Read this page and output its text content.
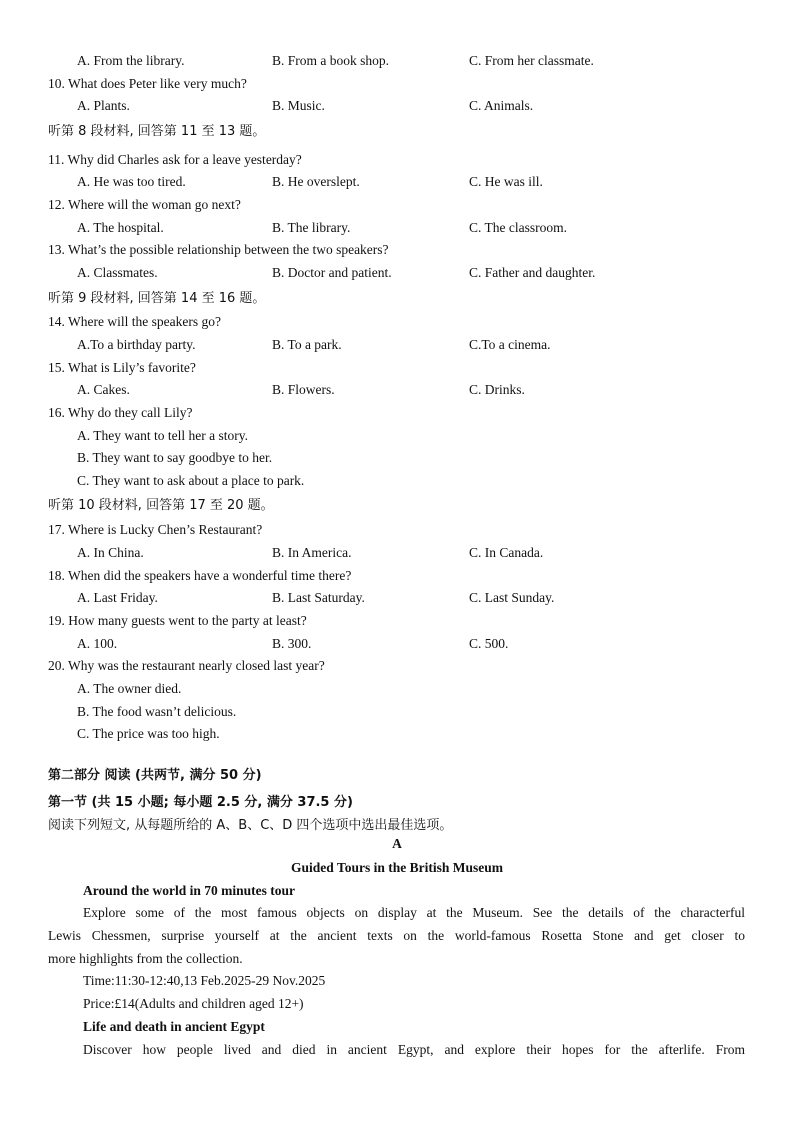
A. From the library.	B. From a book shop.	C. From her classmate.
10. What does Peter like very much?
A. Plants.	B. Music.	C. Animals.
听第 8 段材料, 回答第 11 至 13 题。
11. Why did Charles ask for a leave yesterday?
A. He was too tired.	B. He overslept.	C. He was ill.
12. Where will the woman go next?
A. The hospital.	B. The library.	C. The classroom.
13. What’s the possible relationship between the two speakers?
A. Classmates.	B. Doctor and patient.	C. Father and daughter.
听第 9 段材料, 回答第 14 至 16 题。
14. Where will the speakers go?
A.To a birthday party.	B. To a park.	C.To a cinema.
15. What is Lily’s favorite?
A. Cakes.	B. Flowers.	C. Drinks.
16. Why do they call Lily?
A. They want to tell her a story.
B. They want to say goodbye to her.
C. They want to ask about a place to park.
听第 10 段材料, 回答第 17 至 20 题。
17. Where is Lucky Chen’s Restaurant?
A. In China.	B. In America.	C. In Canada.
18. When did the speakers have a wonderful time there?
A. Last Friday.	B. Last Saturday.	C. Last Sunday.
19. How many guests went to the party at least?
A. 100.	B. 300.	C. 500.
20. Why was the restaurant nearly closed last year?
A. The owner died.
B. The food wasn’t delicious.
C. The price was too high.
第二部分 阅读 (共两节, 满分 50 分)
第一节 (共 15 小题; 每小题 2.5 分, 满分 37.5 分)
阅读下列短文, 从每题所给的 A、B、C、D 四个选项中选出最佳选项。
A
Guided Tours in the British Museum
Around the world in 70 minutes tour
Explore some of the most famous objects on display at the Museum. See the details of the characterful
Lewis Chessmen, surprise yourself at the ancient texts on the world-famous Rosetta Stone and get closer to
more highlights from the collection.
Time:11:30-12:40,13 Feb.2025-29 Nov.2025
Price:£14(Adults and children aged 12+)
Life and death in ancient Egypt
Discover how people lived and died in ancient Egypt, and explore their hopes for the afterlife. From
